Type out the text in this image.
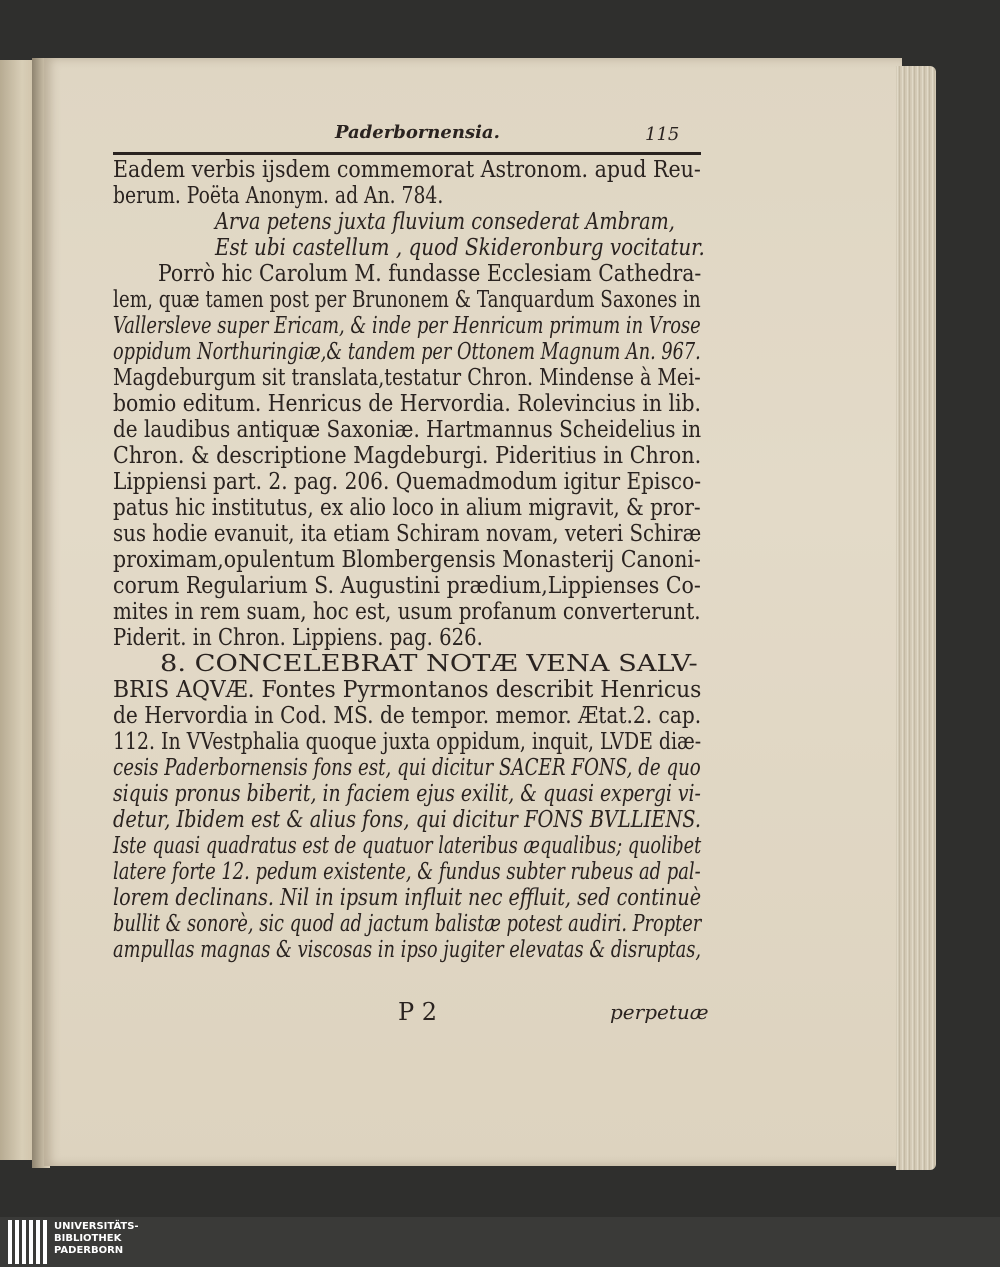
Paderbornensia.	115
Eadem verbis ijsdem commemorat Astronom. apud Reu-
berum. Poëta Anonym. ad An. 784.
Arva petens juxta fluvium consederat Ambram,
Est ubi castellum , quod Skideronburg vocitatur.
Porrò hic Carolum M. fundasse Ecclesiam Cathedra-
lem, quæ tamen post per Brunonem & Tanquardum Saxones in
Vallersleve super Ericam, & inde per Henricum primum in Vrose
oppidum Northuringiæ,& tandem per Ottonem Magnum An. 967.
Magdeburgum sit translata,testatur Chron. Mindense à Mei-
bomio editum. Henricus de Hervordia. Rolevincius in lib.
de laudibus antiquæ Saxoniæ. Hartmannus Scheidelius in
Chron. & descriptione Magdeburgi. Pideritius in Chron.
Lippiensi part. 2. pag. 206. Quemadmodum igitur Episco-
patus hic institutus, ex alio loco in alium migravit, & pror-
sus hodie evanuit, ita etiam Schiram novam, veteri Schiræ
proximam,opulentum Blombergensis Monasterij Canoni-
corum Regularium S. Augustini prædium,Lippienses Co-
mites in rem suam, hoc est, usum profanum converterunt.
Piderit. in Chron. Lippiens. pag. 626.
8. CONCELEBRAT NOTÆ VENA SALV-
BRIS AQVÆ. Fontes Pyrmontanos describit Henricus
de Hervordia in Cod. MS. de tempor. memor. Ætat.2. cap.
112. In VVestphalia quoque juxta oppidum, inquit, LVDE diæ-
cesis Paderbornensis fons est, qui dicitur SACER FONS, de quo
siquis pronus biberit, in faciem ejus exilit, & quasi expergi vi-
detur, Ibidem est & alius fons, qui dicitur FONS BVLLIENS.
Iste quasi quadratus est de quatuor lateribus æqualibus; quolibet
latere forte 12. pedum existente, & fundus subter rubeus ad pal-
lorem declinans. Nil in ipsum influit nec effluit, sed continuè
bullit & sonorè, sic quod ad jactum balistæ potest audiri. Propter
ampullas magnas & viscosas in ipso jugiter elevatas & disruptas,
P 2	perpetuæ
UNIVERSITÄTS-
BIBLIOTHEK
PADERBORN
